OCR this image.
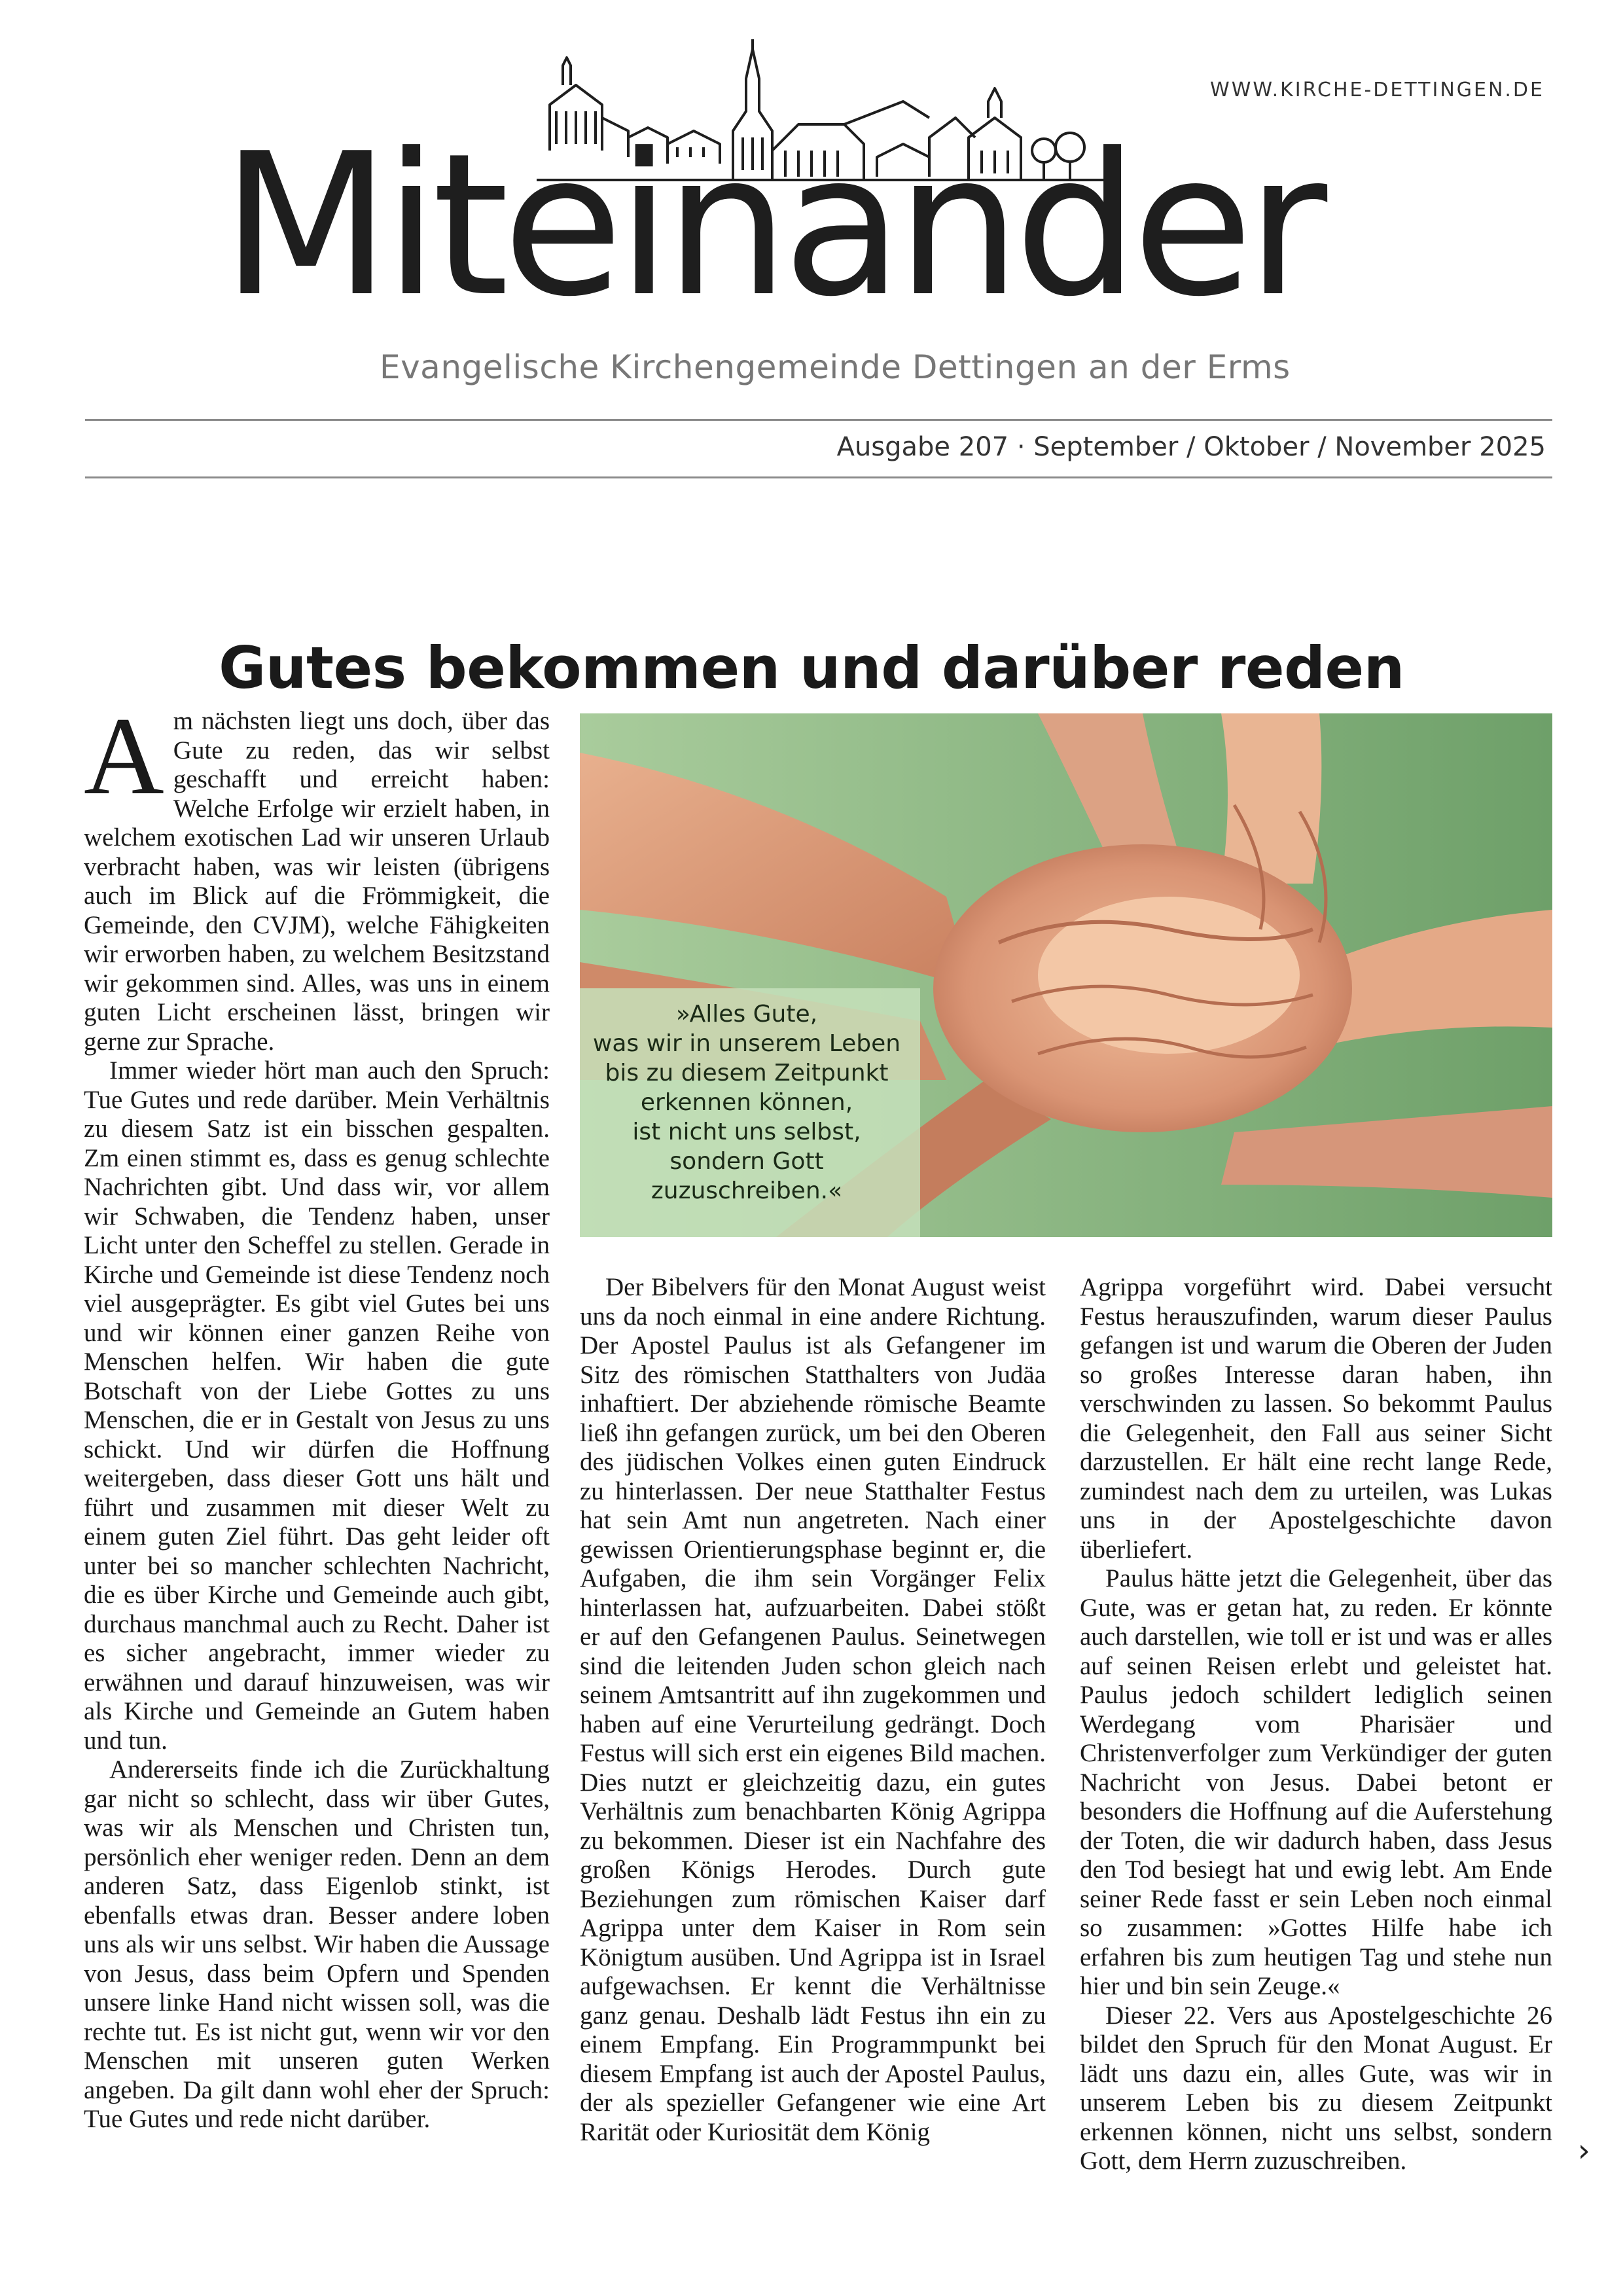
WWW.KIRCHE-DETTINGEN.DE
Miteinander
Evangelische Kirchengemeinde Dettingen an der Erms
Ausgabe 207 · September / Oktober / November 2025
Gutes bekommen und darüber reden

Am nächsten liegt uns doch, über das Gute zu reden, das wir selbst geschafft und erreicht haben: Welche Erfolge wir erzielt haben, in welchem exotischen Lad wir unseren Urlaub verbracht haben, was wir leisten (übrigens auch im Blick auf die Frömmigkeit, die Gemeinde, den CVJM), welche Fähigkeiten wir erworben haben, zu welchem Besitzstand wir gekommen sind. Alles, was uns in einem guten Licht erscheinen lässt, bringen wir gerne zur Sprache.

Immer wieder hört man auch den Spruch: Tue Gutes und rede darüber. Mein Verhältnis zu diesem Satz ist ein bisschen gespalten. Zm einen stimmt es, dass es genug schlechte Nachrichten gibt. Und dass wir, vor allem wir Schwaben, die Tendenz haben, unser Licht unter den Scheffel zu stellen. Gerade in Kirche und Gemeinde ist diese Tendenz noch viel ausgeprägter. Es gibt viel Gutes bei uns und wir können einer ganzen Reihe von Menschen helfen. Wir haben die gute Botschaft von der Liebe Gottes zu uns Menschen, die er in Gestalt von Jesus zu uns schickt. Und wir dürfen die Hoffnung weitergeben, dass dieser Gott uns hält und führt und zusammen mit dieser Welt zu einem guten Ziel führt. Das geht leider oft unter bei so mancher schlechten Nachricht, die es über Kirche und Gemeinde auch gibt, durchaus manchmal auch zu Recht. Daher ist es sicher angebracht, immer wieder zu erwähnen und darauf hinzuweisen, was wir als Kirche und Gemeinde an Gutem haben und tun.

Andererseits finde ich die Zurückhaltung gar nicht so schlecht, dass wir über Gutes, was wir als Menschen und Christen tun, persönlich eher weniger reden. Denn an dem anderen Satz, dass Eigenlob stinkt, ist ebenfalls etwas dran. Besser andere loben uns als wir uns selbst. Wir haben die Aussage von Jesus, dass beim Opfern und Spenden unsere linke Hand nicht wissen soll, was die rechte tut. Es ist nicht gut, wenn wir vor den Menschen mit unseren guten Werken angeben. Da gilt dann wohl eher der Spruch: Tue Gutes und rede nicht darüber.

»Alles Gute,
was wir in unserem Leben
bis zu diesem Zeitpunkt
erkennen können,
ist nicht uns selbst,
sondern Gott
zuzuschreiben.«

Der Bibelvers für den Monat August weist uns da noch einmal in eine andere Richtung. Der Apostel Paulus ist als Gefangener im Sitz des römischen Statthalters von Judäa inhaftiert. Der abziehende römische Beamte ließ ihn gefangen zurück, um bei den Oberen des jüdischen Volkes einen guten Eindruck zu hinterlassen. Der neue Statthalter Festus hat sein Amt nun angetreten. Nach einer gewissen Orientierungsphase beginnt er, die Aufgaben, die ihm sein Vorgänger Felix hinterlassen hat, aufzuarbeiten. Dabei stößt er auf den Gefangenen Paulus. Seinetwegen sind die leitenden Juden schon gleich nach seinem Amtsantritt auf ihn zugekommen und haben auf eine Verurteilung gedrängt. Doch Festus will sich erst ein eigenes Bild machen. Dies nutzt er gleichzeitig dazu, ein gutes Verhältnis zum benachbarten König Agrippa zu bekommen. Dieser ist ein Nachfahre des großen Königs Herodes. Durch gute Beziehungen zum römischen Kaiser darf Agrippa unter dem Kaiser in Rom sein Königtum ausüben. Und Agrippa ist in Israel aufgewachsen. Er kennt die Verhältnisse ganz genau. Deshalb lädt Festus ihn ein zu einem Empfang. Ein Programmpunkt bei diesem Empfang ist auch der Apostel Paulus, der als spezieller Gefangener wie eine Art Rarität oder Kuriosität dem König

Agrippa vorgeführt wird. Dabei versucht Festus herauszufinden, warum dieser Paulus gefangen ist und warum die Oberen der Juden so großes Interesse daran haben, ihn verschwinden zu lassen. So bekommt Paulus die Gelegenheit, den Fall aus seiner Sicht darzustellen. Er hält eine recht lange Rede, zumindest nach dem zu urteilen, was Lukas uns in der Apostelgeschichte davon überliefert.

Paulus hätte jetzt die Gelegenheit, über das Gute, was er getan hat, zu reden. Er könnte auch darstellen, wie toll er ist und was er alles auf seinen Reisen erlebt und geleistet hat. Paulus jedoch schildert lediglich seinen Werdegang vom Pharisäer und Christenverfolger zum Verkündiger der guten Nachricht von Jesus. Dabei betont er besonders die Hoffnung auf die Auferstehung der Toten, die wir dadurch haben, dass Jesus den Tod besiegt hat und ewig lebt. Am Ende seiner Rede fasst er sein Leben noch einmal so zusammen: »Gottes Hilfe habe ich erfahren bis zum heutigen Tag und stehe nun hier und bin sein Zeuge.«

Dieser 22. Vers aus Apostelgeschichte 26 bildet den Spruch für den Monat August. Er lädt uns dazu ein, alles Gute, was wir in unserem Leben bis zu diesem Zeitpunkt erkennen können, nicht uns selbst, sondern Gott, dem Herrn zuzuschreiben.	›
